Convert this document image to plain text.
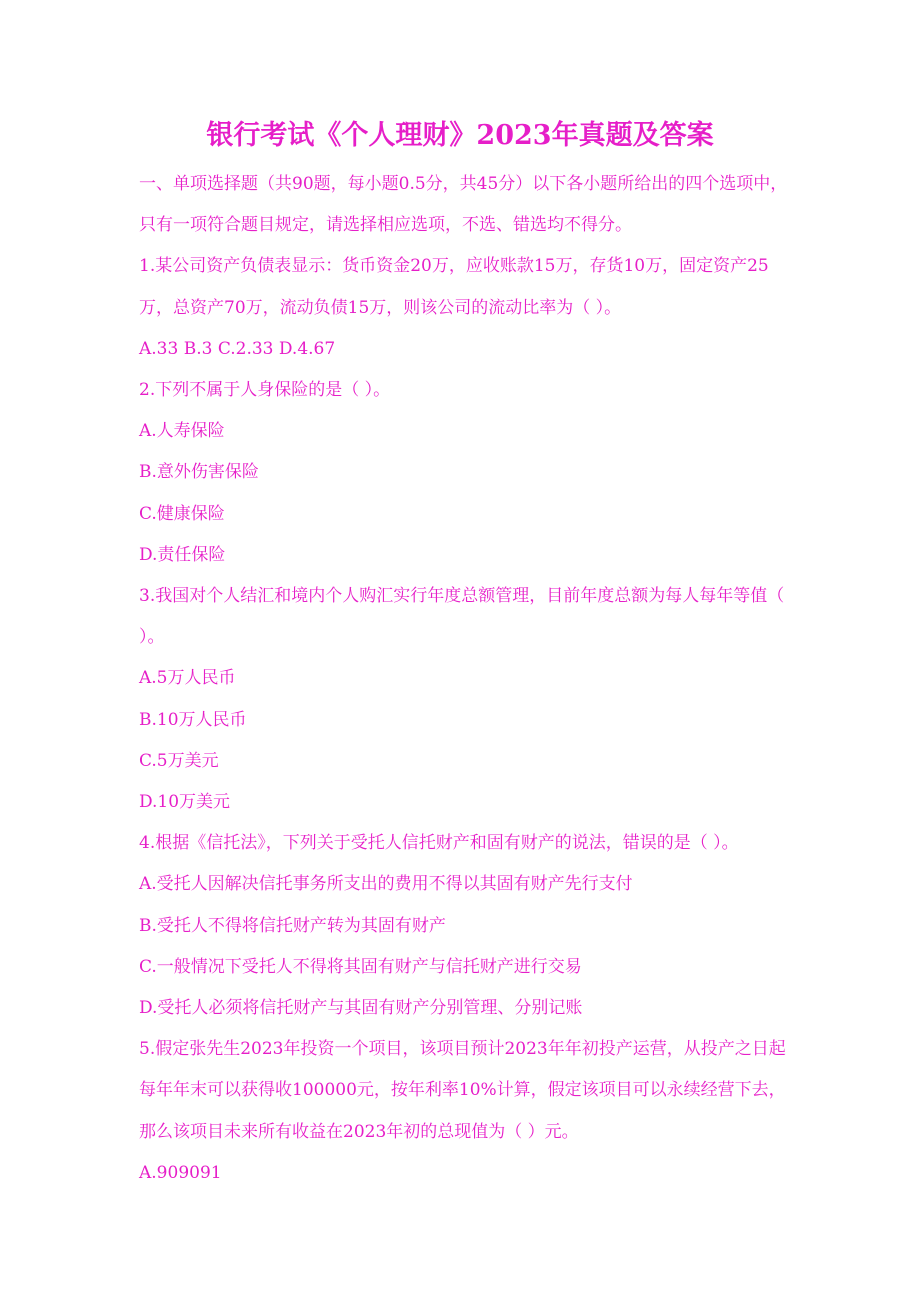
银行考试《个人理财》2023年真题及答案

一、单项选择题（共90题，每小题0.5分，共45分）以下各小题所给出的四个选项中，只有一项符合题目规定，请选择相应选项，不选、错选均不得分。

1.某公司资产负债表显示：货币资金20万，应收账款15万，存货10万，固定资产25万，总资产70万，流动负债15万，则该公司的流动比率为（ ）。

A.33 B.3 C.2.33 D.4.67

2.下列不属于人身保险的是（ ）。

A.人寿保险

B.意外伤害保险

C.健康保险

D.责任保险

3.我国对个人结汇和境内个人购汇实行年度总额管理，目前年度总额为每人每年等值（ ）。

A.5万人民币

B.10万人民币

C.5万美元

D.10万美元

4.根据《信托法》，下列关于受托人信托财产和固有财产的说法，错误的是（ ）。

A.受托人因解决信托事务所支出的费用不得以其固有财产先行支付

B.受托人不得将信托财产转为其固有财产

C.一般情况下受托人不得将其固有财产与信托财产进行交易

D.受托人必须将信托财产与其固有财产分别管理、分别记账

5.假定张先生2023年投资一个项目，该项目预计2023年年初投产运营，从投产之日起每年年末可以获得收100000元，按年利率10%计算，假定该项目可以永续经营下去，那么该项目未来所有收益在2023年初的总现值为（ ）元。

A.909091
